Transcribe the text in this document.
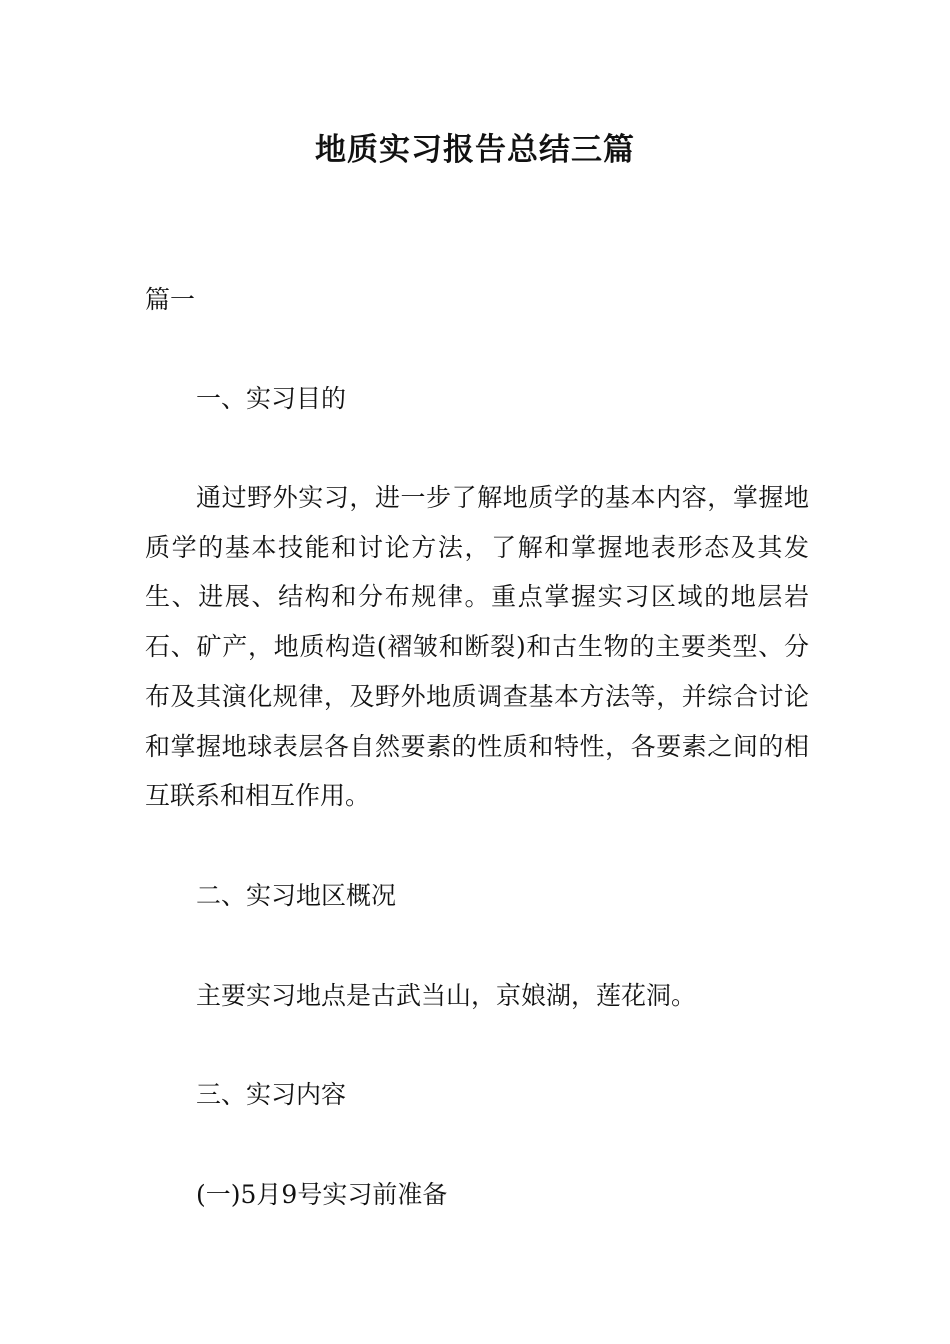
地质实习报告总结三篇

篇一

一、实习目的

通过野外实习，进一步了解地质学的基本内容，掌握地质学的基本技能和讨论方法，了解和掌握地表形态及其发生、进展、结构和分布规律。重点掌握实习区域的地层岩石、矿产，地质构造(褶皱和断裂)和古生物的主要类型、分布及其演化规律，及野外地质调查基本方法等，并综合讨论和掌握地球表层各自然要素的性质和特性，各要素之间的相互联系和相互作用。

二、实习地区概况

主要实习地点是古武当山，京娘湖，莲花洞。

三、实习内容

(一)5月9号实习前准备
